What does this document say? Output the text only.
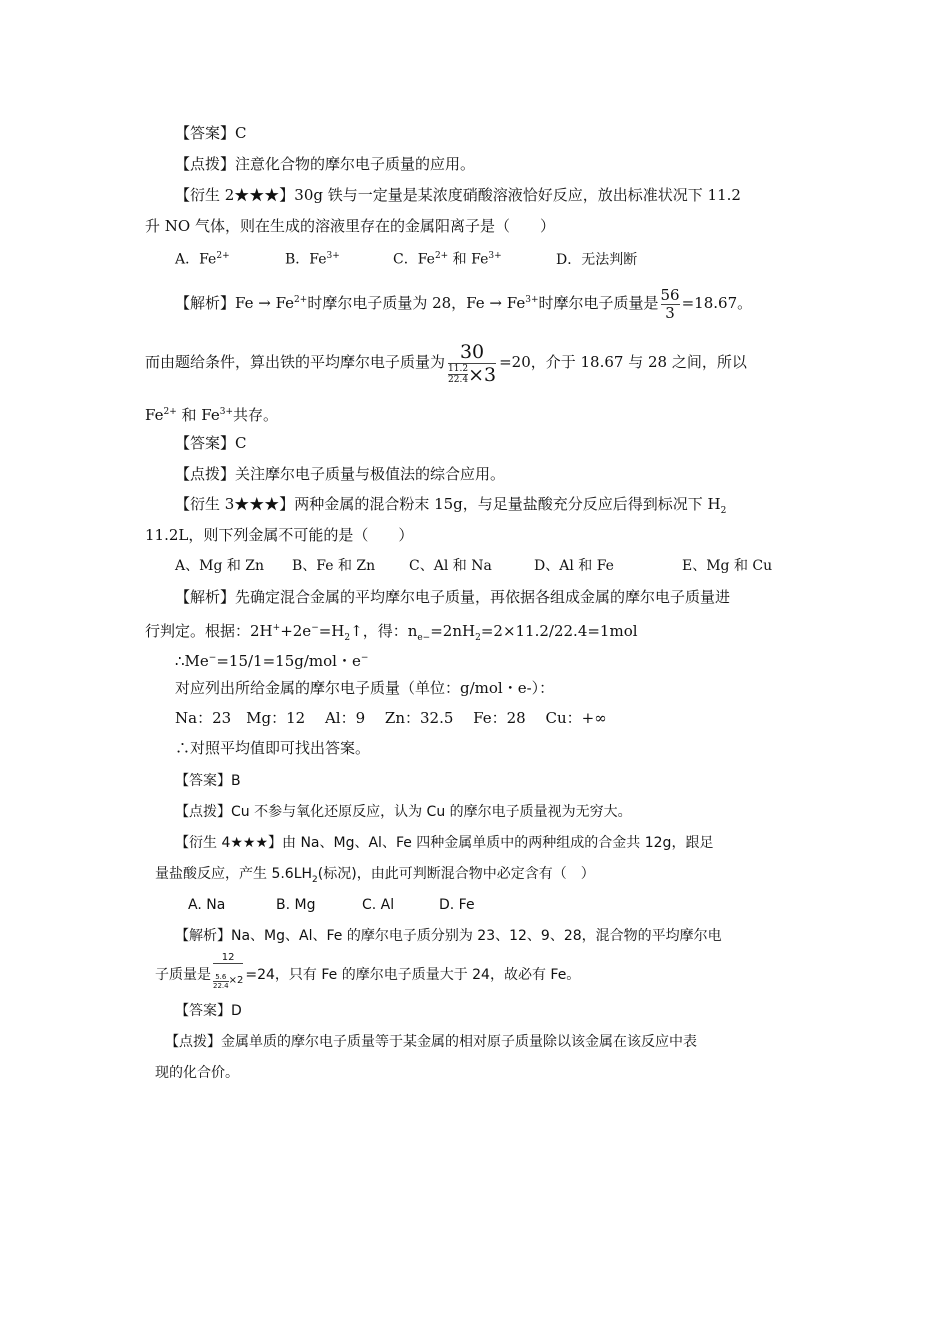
【答案】C
【点拨】注意化合物的摩尔电子质量的应用。
【衍生 2★★★】30g 铁与一定量是某浓度硝酸溶液恰好反应，放出标准状况下 11.2
升 NO 气体，则在生成的溶液里存在的金属阳离子是（　　）
A．$Fe^{2+}$	B．$Fe^{3+}$	C．$Fe^{2+}$ 和 $Fe^{3+}$	D．无法判断
【解析】$Fe \to Fe^{2+}$时摩尔电子质量为 28，$Fe \to Fe^{3+}$时摩尔电子质量是 $\frac{56}{3} =18.67$。
而由题给条件，算出铁的平均摩尔电子质量为 $\frac{30}{\frac{11.2}{22.4} \times 3} =20$，介于 18.67 与 28 之间，所以
$Fe^{2+}$ 和 $Fe^{3+}$共存。
【答案】C
【点拨】关注摩尔电子质量与极值法的综合应用。
【衍生 3★★★】两种金属的混合粉末 15g，与足量盐酸充分反应后得到标况下 $H_2$
11.2L，则下列金属不可能的是（　　）
A、Mg 和 Zn B、Fe 和 Zn C、Al 和 Na	D、Al 和 Fe	E、Mg 和 Cu
【解析】先确定混合金属的平均摩尔电子质量，再依据各组成金属的摩尔电子质量进
行判定。根据：$2H^++2e^-=H_2↑$，得：$n_{e-}=2nH_2=2\times 11.2/22.4=1mol$
∴Me−=15/1=15g/mol・e−
对应列出所给金属的摩尔电子质量（单位：g/mol・e-）：
Na：23　Mg：12　 Al：9　 Zn：32.5　 Fe：28　 Cu：+∞
∴对照平均值即可找出答案。
【答案】B
【点拨】Cu 不参与氧化还原反应，认为 Cu 的摩尔电子质量视为无穷大。
【衍生 4★★★】由 Na、Mg、Al、Fe 四种金属单质中的两种组成的合金共 12g，跟足
量盐酸反应，产生 $5.6LH_2$(标况)，由此可判断混合物中必定含有（　）
A. Na	B. Mg	C. Al	D. Fe
【解析】Na、Mg、Al、Fe 的摩尔电子质分别为 23、12、9、28，混合物的平均摩尔电
子质量是 $\frac{12}{\frac{5.6}{22.4} \times 2} =24$，只有 Fe 的摩尔电子质量大于 24，故必有 Fe。
【答案】D
【点拨】金属单质的摩尔电子质量等于某金属的相对原子质量除以该金属在该反应中表
现的化合价。
